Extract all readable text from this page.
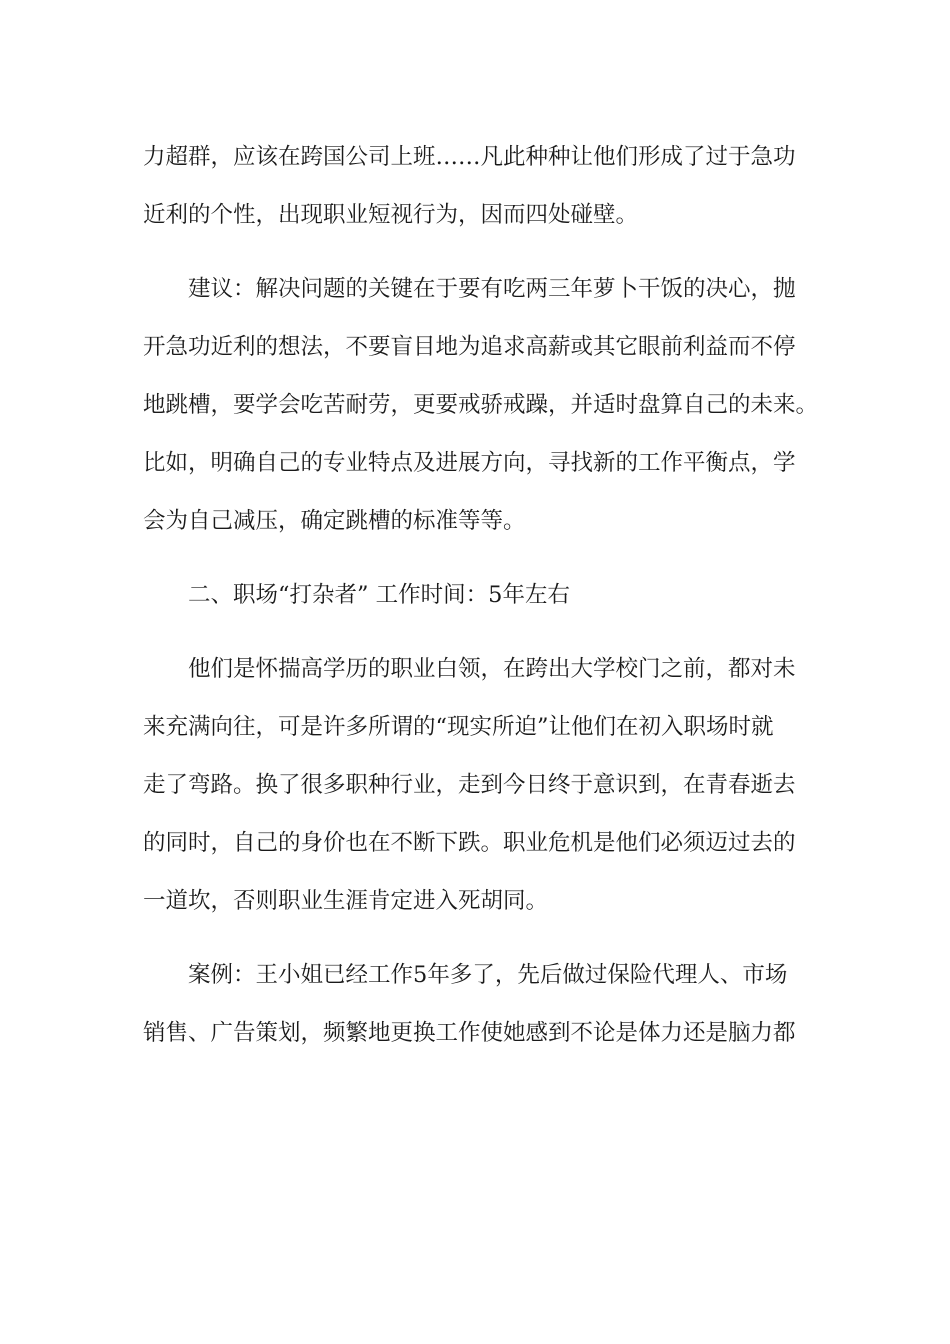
力超群，应该在跨国公司上班……凡此种种让他们形成了过于急功

近利的个性，出现职业短视行为，因而四处碰壁。

建议：解决问题的关键在于要有吃两三年萝卜干饭的决心，抛

开急功近利的想法，不要盲目地为追求高薪或其它眼前利益而不停

地跳槽，要学会吃苦耐劳，更要戒骄戒躁，并适时盘算自己的未来。

比如，明确自己的专业特点及进展方向，寻找新的工作平衡点，学

会为自己减压，确定跳槽的标准等等。

二、职场“打杂者” 工作时间：5年左右

他们是怀揣高学历的职业白领，在跨出大学校门之前，都对未

来充满向往，可是许多所谓的“现实所迫”让他们在初入职场时就

走了弯路。换了很多职种行业，走到今日终于意识到，在青春逝去

的同时，自己的身价也在不断下跌。职业危机是他们必须迈过去的

一道坎，否则职业生涯肯定进入死胡同。

案例：王小姐已经工作5年多了，先后做过保险代理人、市场

销售、广告策划，频繁地更换工作使她感到不论是体力还是脑力都
